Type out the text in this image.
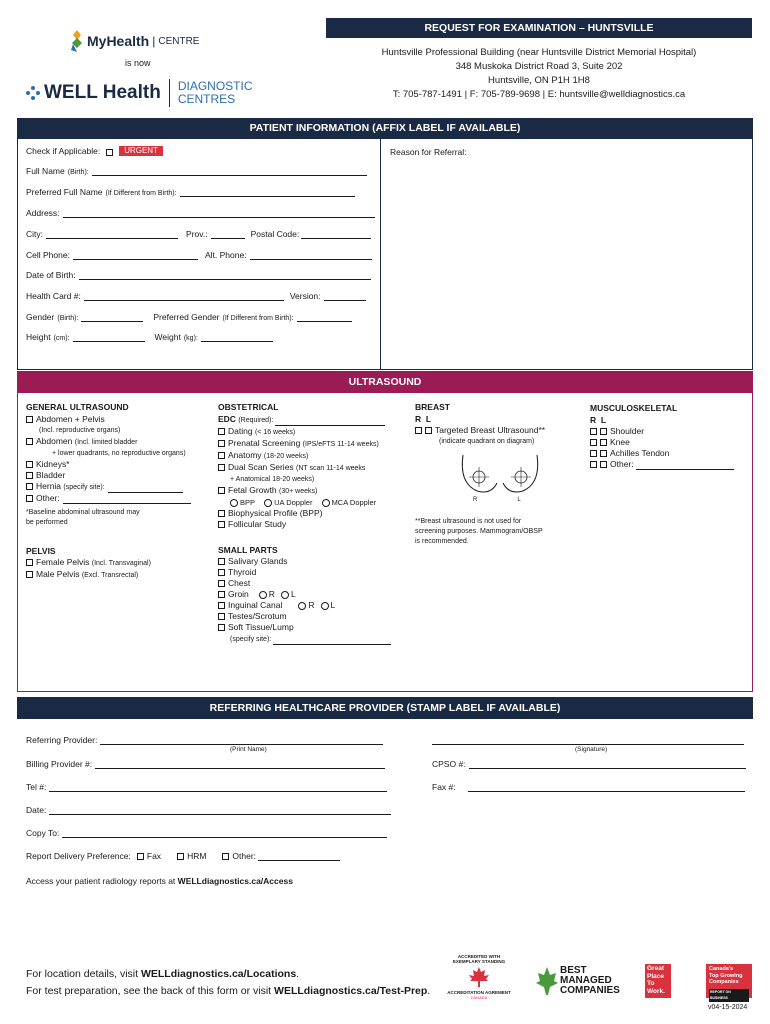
MyHealth | CENTRE
is now
WELL Health DIAGNOSTIC
CENTRES
REQUEST FOR EXAMINATION – HUNTSVILLE
Huntsville Professional Building (near Huntsville District Memorial Hospital)
348 Muskoka District Road 3, Suite 202
Huntsville, ON P1H 1H8
T: 705-787-1491 | F: 705-789-9698 | E: huntsville@welldiagnostics.ca
PATIENT INFORMATION (AFFIX LABEL IF AVAILABLE)
Check if Applicable:	URGENT	Reason for Referral:
Full Name (Birth):
Preferred Full Name (If Different from Birth):
Address:
City:	Prov.:	Postal Code:
Cell Phone:	Alt. Phone:
Date of Birth:
Health Card #:	Version:
Gender (Birth):	Preferred Gender (If Different from Birth):
Height (cm):	Weight (kg):
ULTRASOUND
GENERAL ULTRASOUND
Abdomen + Pelvis
(Incl. reproductive organs)
Abdomen (Incl. limited bladder
+ lower quadrants, no reproductive organs)
Kidneys*
Bladder
Hernia (specify site):
Other:
*Baseline abdominal ultrasound may
be performed
PELVIS
Female Pelvis (Incl. Transvaginal)
Male Pelvis (Excl. Transrectal)
OBSTETRICAL
EDC (Required):
Dating (< 16 weeks)
Prenatal Screening (IPS/eFTS 11-14 weeks)
Anatomy (18-20 weeks)
Dual Scan Series (NT scan 11-14 weeks
+ Anatomical 18-20 weeks)
Fetal Growth (30+ weeks)
BPP	UA Doppler	MCA Doppler
Biophysical Profile (BPP)
Follicular Study
SMALL PARTS
Salivary Glands
Thyroid
Chest
Groin R L
Inguinal Canal	R L
Testes/Scrotum
Soft Tissue/Lump
(specify site):
BREAST
R  L
Targeted Breast Ultrasound**
(indicate quadrant on diagram)
R	L
**Breast ultrasound is not used for
screening purposes. Mammogram/OBSP
is recommended.
MUSCULOSKELETAL
R  L
Shoulder
Knee
Achilles Tendon
Other:
REFERRING HEALTHCARE PROVIDER (STAMP LABEL IF AVAILABLE)
Referring Provider:
(Print Name)	(Signature)
Billing Provider #:	CPSO #:
Tel #:	Fax #:
Date:
Copy To:
Report Delivery Preference: Fax	HRM	Other:
Access your patient radiology reports at WELLdiagnostics.ca/Access
For location details, visit WELLdiagnostics.ca/Locations.
For test preparation, see the back of this form or visit WELLdiagnostics.ca/Test-Prep.
ACCREDITED WITH EXEMPLARY STANDING
ACCREDITATION AGREMENT
CANADA
BEST
MANAGED
COMPANIES
Great
Place
To
Work.
Canada's
Top Growing
Companies
REPORT ON BUSINESS
v04-15-2024
